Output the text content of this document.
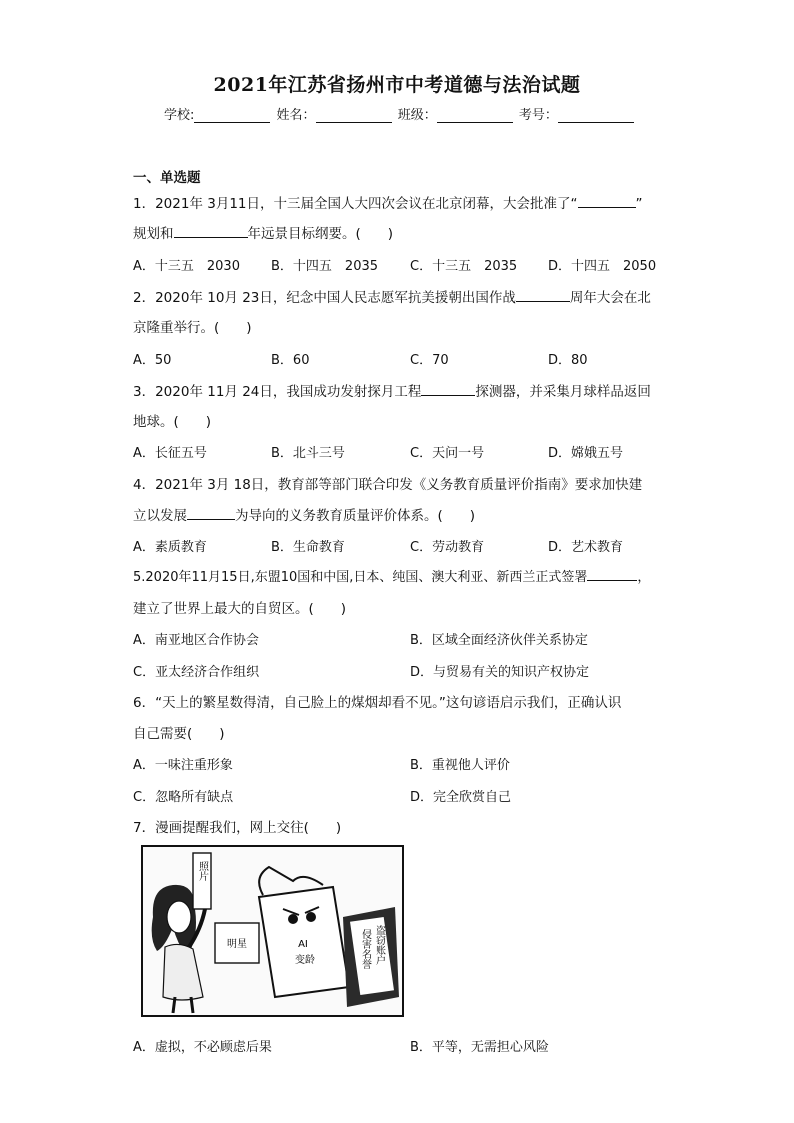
2021年江苏省扬州市中考道德与法治试题
学校:	姓名：	班级：	考号：
一、单选题
1．2021年 3月11日，十三届全国人大四次会议在北京闭幕，大会批准了“	”
规划和	年远景目标纲要。(　　)
A．十三五　2030 B．十四五　2035 C．十三五　2035 D．十四五　2050
2．2020年 10月 23日，纪念中国人民志愿军抗美援朝出国作战	周年大会在北
京隆重举行。(　　)
A．50	B．60	C．70	D．80
3．2020年 11月 24日，我国成功发射探月工程	探测器，并采集月球样品返回
地球。(　　)
A．长征五号	B．北斗三号	C．天问一号	D．嫦娥五号
4．2021年 3月 18日，教育部等部门联合印发《义务教育质量评价指南》要求加快建
立以发展	为导向的义务教育质量评价体系。(　　)
A．素质教育	B．生命教育	C．劳动教育	D．艺术教育
5.2020年11月15日,东盟10国和中国,日本、纯国、澳大利亚、新西兰正式签署	，
建立了世界上最大的自贸区。(　　)
A．南亚地区合作协会	B．区域全面经济伙伴关系协定
C．亚太经济合作组织	D．与贸易有关的知识产权协定
6．“天上的繁星数得清，自己脸上的煤烟却看不见。”这句谚语启示我们，正确认识
自己需要(　　)
A．一味注重形象	B．重视他人评价
C．忽略所有缺点	D．完全欣赏自己
7．漫画提醒我们，网上交往(　　)
照片
明星	AI
变龄	盗窃账户
侵害名誉
A．虚拟，不必顾虑后果	B．平等，无需担心风险
